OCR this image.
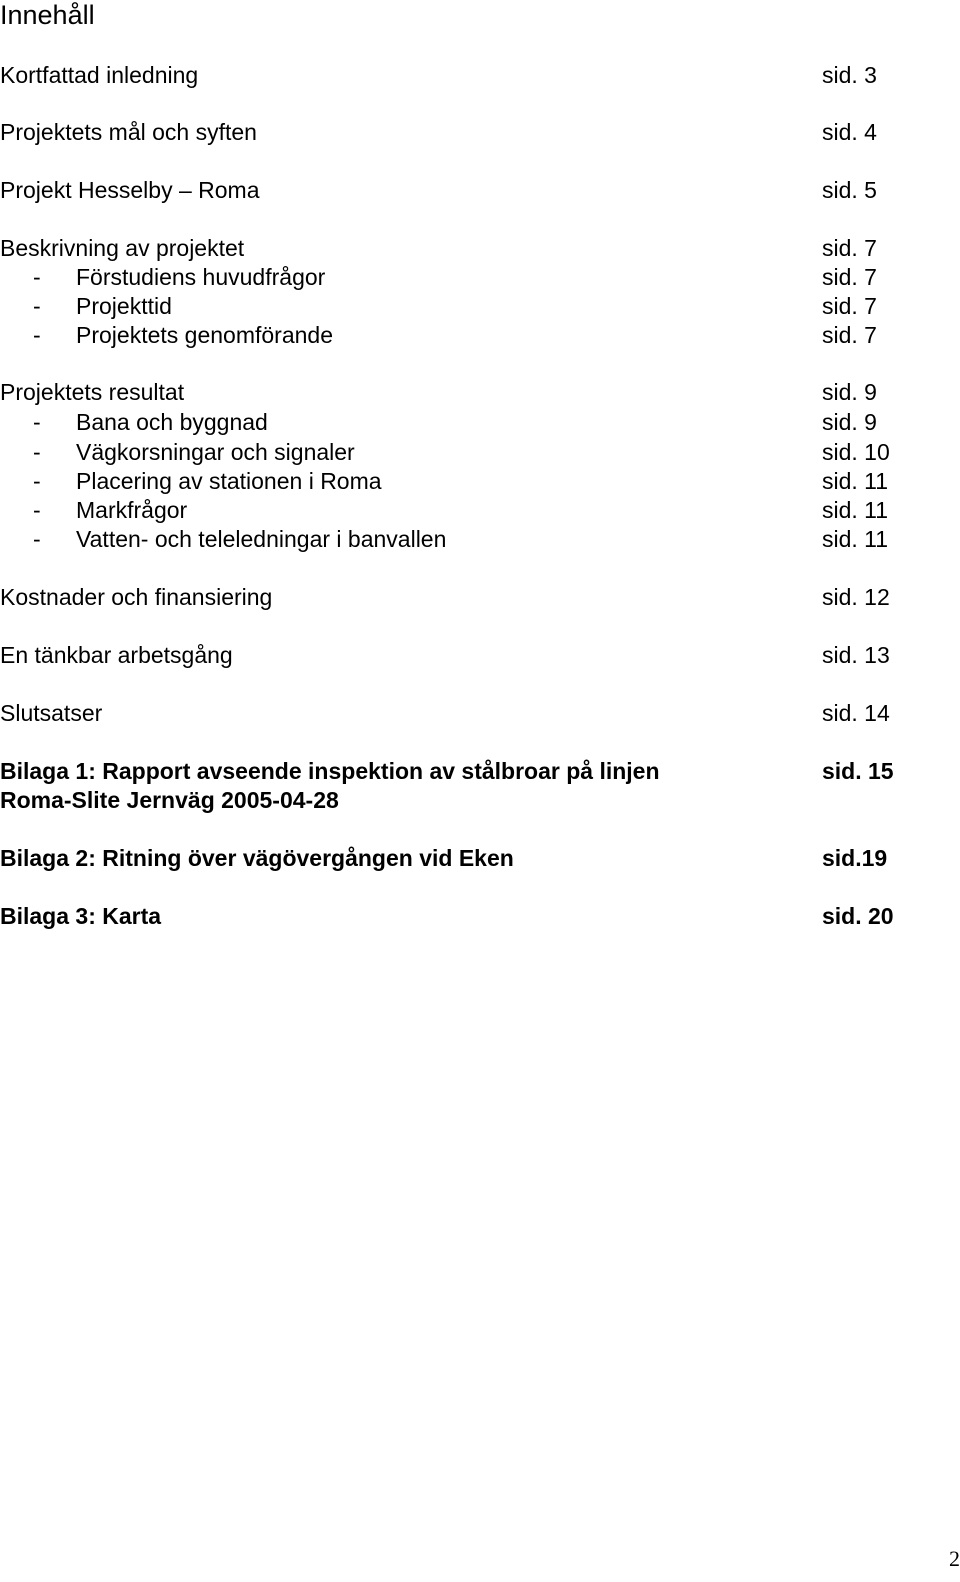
Innehåll
Kortfattad inledning	sid. 3
Projektets mål och syften	sid. 4
Projekt Hesselby – Roma	sid. 5
Beskrivning av projektet	sid. 7
- Förstudiens huvudfrågor	sid. 7
- Projekttid	sid. 7
- Projektets genomförande	sid. 7
Projektets resultat	sid. 9
- Bana och byggnad	sid. 9
- Vägkorsningar och signaler	sid. 10
- Placering av stationen i Roma	sid. 11
- Markfrågor	sid. 11
- Vatten- och teleledningar i banvallen	sid. 11
Kostnader och finansiering	sid. 12
En tänkbar arbetsgång	sid. 13
Slutsatser	sid. 14
Bilaga 1: Rapport avseende inspektion av stålbroar på linjen	sid. 15
Roma-Slite Jernväg 2005-04-28
Bilaga 2: Ritning över vägövergången vid Eken	sid.19
Bilaga 3: Karta	sid. 20
2
